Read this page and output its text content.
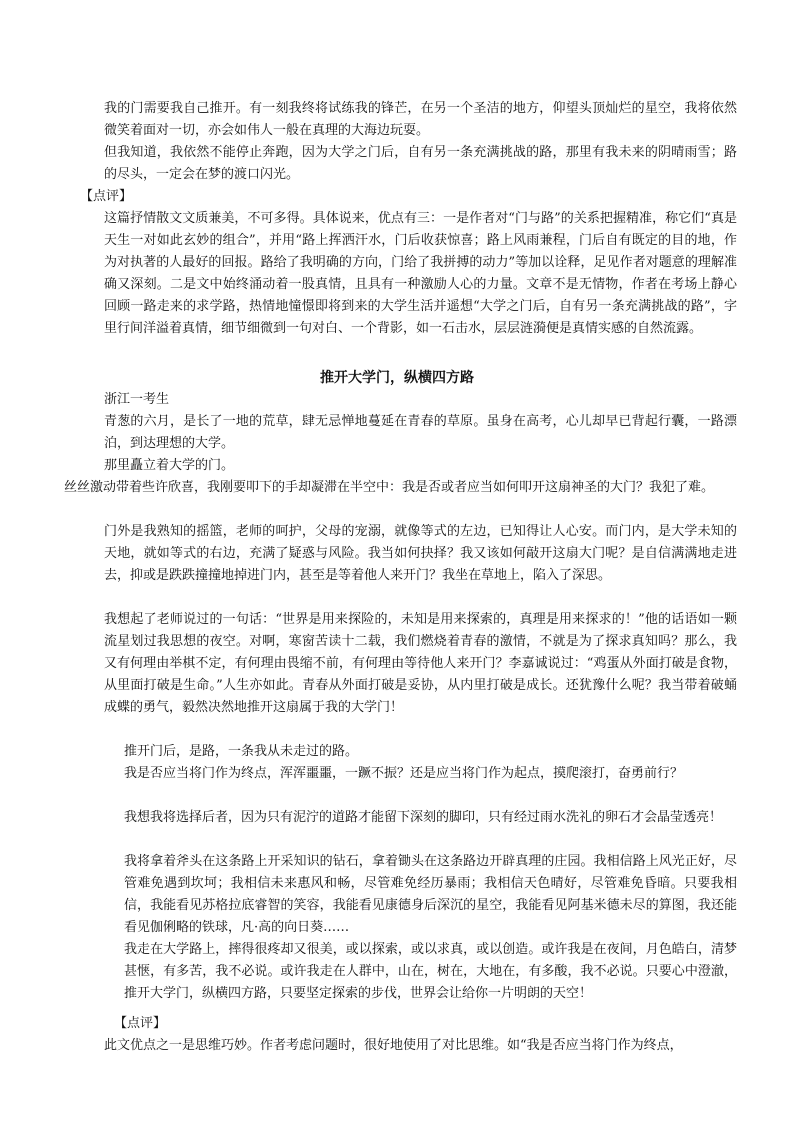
我的门需要我自己推开。有一刻我终将试练我的锋芒，在另一个圣洁的地方，仰望头顶灿烂的星空，我将依然微笑着面对一切，亦会如伟人一般在真理的大海边玩耍。

但我知道，我依然不能停止奔跑，因为大学之门后，自有另一条充满挑战的路，那里有我未来的阴晴雨雪；路的尽头，一定会在梦的渡口闪光。

【点评】

这篇抒情散文文质兼美，不可多得。具体说来，优点有三：一是作者对“门与路”的关系把握精准，称它们“真是天生一对如此玄妙的组合”，并用“路上挥洒汗水，门后收获惊喜；路上风雨兼程，门后自有既定的目的地，作为对执著的人最好的回报。路给了我明确的方向，门给了我拼搏的动力”等加以诠释，足见作者对题意的理解准确又深刻。二是文中始终涌动着一股真情，且具有一种激励人心的力量。文章不是无情物，作者在考场上静心回顾一路走来的求学路，热情地憧憬即将到来的大学生活并遥想“大学之门后，自有另一条充满挑战的路”，字里行间洋溢着真情，细节细微到一句对白、一个背影，如一石击水，层层涟漪便是真情实感的自然流露。

推开大学门，纵横四方路

浙江一考生

青葱的六月，是长了一地的荒草，肆无忌惮地蔓延在青春的草原。虽身在高考，心儿却早已背起行囊，一路漂泊，到达理想的大学。

那里矗立着大学的门。

丝丝激动带着些许欣喜，我刚要叩下的手却凝滞在半空中：我是否或者应当如何叩开这扇神圣的大门？我犯了难。

门外是我熟知的摇篮，老师的呵护，父母的宠溺，就像等式的左边，已知得让人心安。而门内，是大学未知的天地，就如等式的右边，充满了疑惑与风险。我当如何抉择？我又该如何敲开这扇大门呢？是自信满满地走进去，抑或是跌跌撞撞地掉进门内，甚至是等着他人来开门？我坐在草地上，陷入了深思。

我想起了老师说过的一句话：“世界是用来探险的，未知是用来探索的，真理是用来探求的！”他的话语如一颗流星划过我思想的夜空。对啊，寒窗苦读十二载，我们燃烧着青春的激情，不就是为了探求真知吗？那么，我又有何理由举棋不定，有何理由畏缩不前，有何理由等待他人来开门？李嘉诚说过：“鸡蛋从外面打破是食物，从里面打破是生命。”人生亦如此。青春从外面打破是妥协，从内里打破是成长。还犹豫什么呢？我当带着破蛹成蝶的勇气，毅然决然地推开这扇属于我的大学门！

推开门后，是路，一条我从未走过的路。

我是否应当将门作为终点，浑浑噩噩，一蹶不振？还是应当将门作为起点，摸爬滚打，奋勇前行？

我想我将选择后者，因为只有泥泞的道路才能留下深刻的脚印，只有经过雨水洗礼的卵石才会晶莹透亮！

我将拿着斧头在这条路上开采知识的钻石，拿着锄头在这条路边开辟真理的庄园。我相信路上风光正好，尽管难免遇到坎坷；我相信未来惠风和畅，尽管难免经历暴雨；我相信天色晴好，尽管难免昏暗。只要我相信，我能看见苏格拉底睿智的笑容，我能看见康德身后深沉的星空，我能看见阿基米德未尽的算图，我还能看见伽俐略的铁球，凡·高的向日葵……

我走在大学路上，摔得很疼却又很美，或以探索，或以求真，或以创造。或许我是在夜间，月色皓白，清梦甚惬，有多苦，我不必说。或许我走在人群中，山在，树在，大地在，有多酸，我不必说。只要心中澄澈，推开大学门，纵横四方路，只要坚定探索的步伐，世界会让给你一片明朗的天空！

【点评】

此文优点之一是思维巧妙。作者考虑问题时，很好地使用了对比思维。如“我是否应当将门作为终点，
